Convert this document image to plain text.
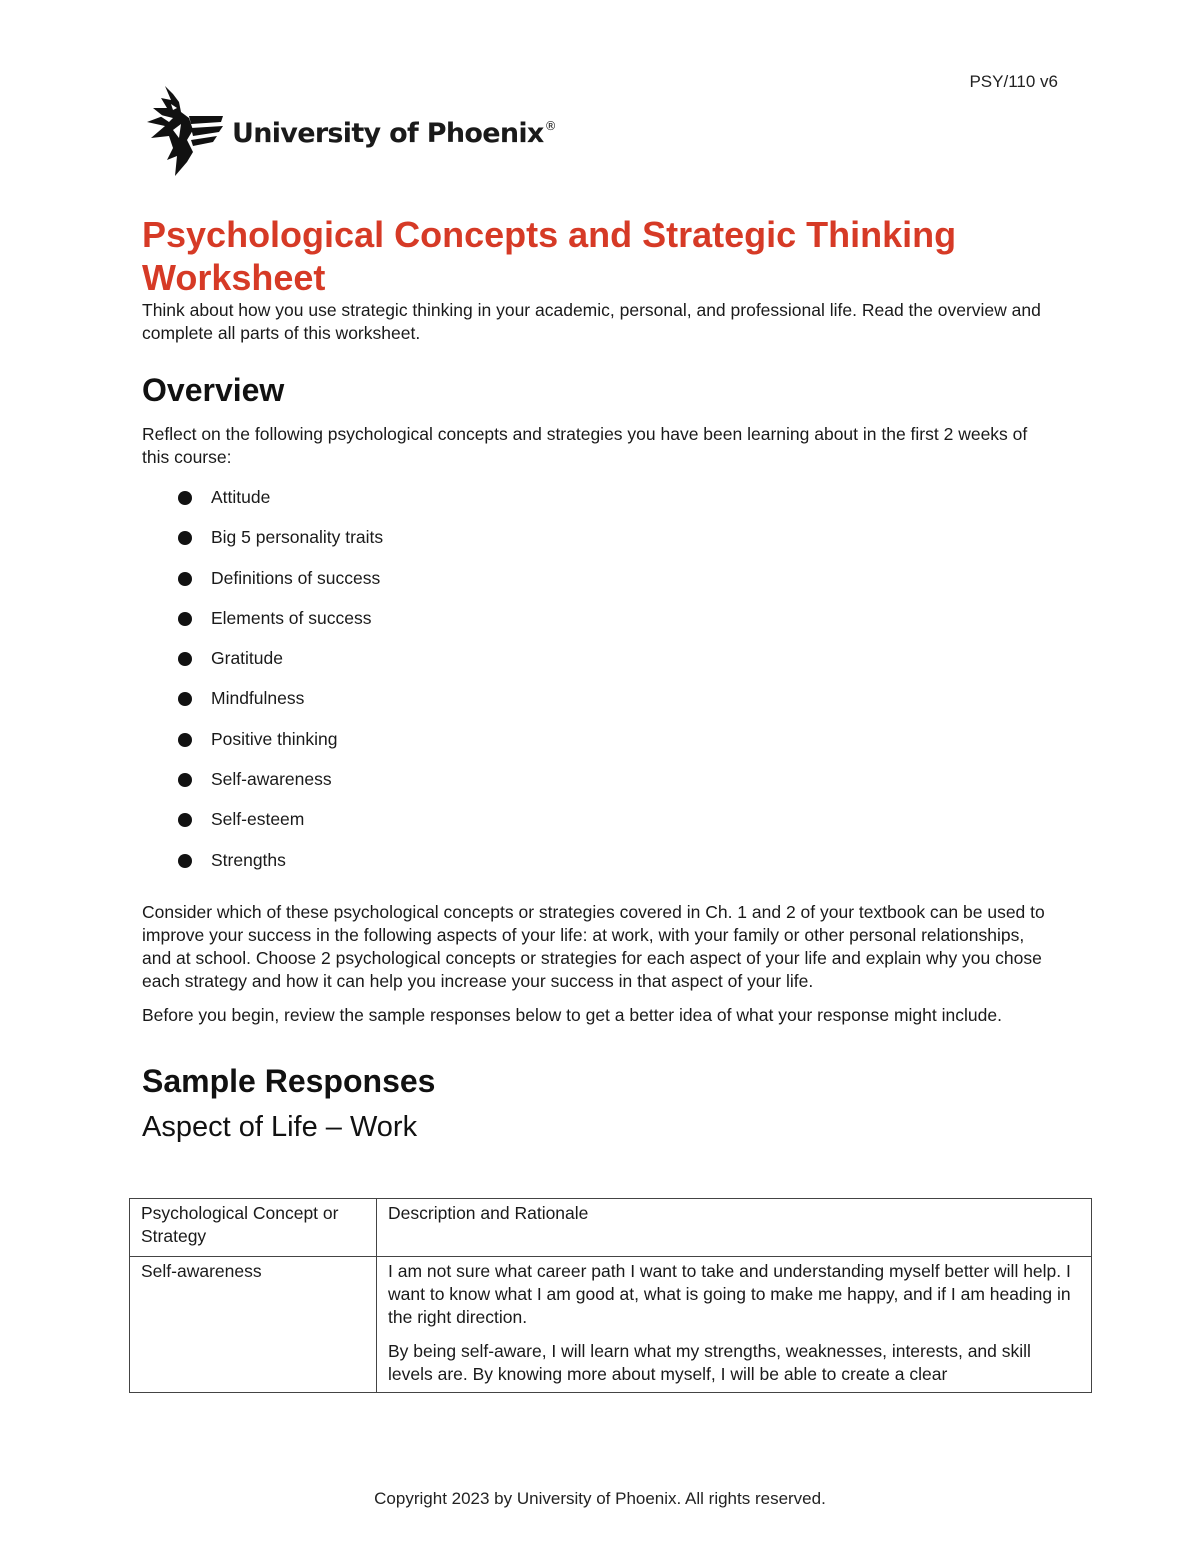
PSY/110 v6
University of Phoenix®
Psychological Concepts and Strategic Thinking Worksheet

Think about how you use strategic thinking in your academic, personal, and professional life. Read the overview and complete all parts of this worksheet.

Overview

Reflect on the following psychological concepts and strategies you have been learning about in the first 2 weeks of this course:

Attitude
Big 5 personality traits
Definitions of success
Elements of success
Gratitude
Mindfulness
Positive thinking
Self-awareness
Self-esteem
Strengths

Consider which of these psychological concepts or strategies covered in Ch. 1 and 2 of your textbook can be used to improve your success in the following aspects of your life: at work, with your family or other personal relationships, and at school. Choose 2 psychological concepts or strategies for each aspect of your life and explain why you chose each strategy and how it can help you increase your success in that aspect of your life.

Before you begin, review the sample responses below to get a better idea of what your response might include.

Sample Responses
Aspect of Life – Work
Psychological Concept or Strategy	Description and Rationale
Self-awareness	I am not sure what career path I want to take and understanding myself better will help. I want to know what I am good at, what is going to make me happy, and if I am heading in the right direction.

By being self-aware, I will learn what my strengths, weaknesses, interests, and skill levels are. By knowing more about myself, I will be able to create a clear

Copyright 2023 by University of Phoenix. All rights reserved.
